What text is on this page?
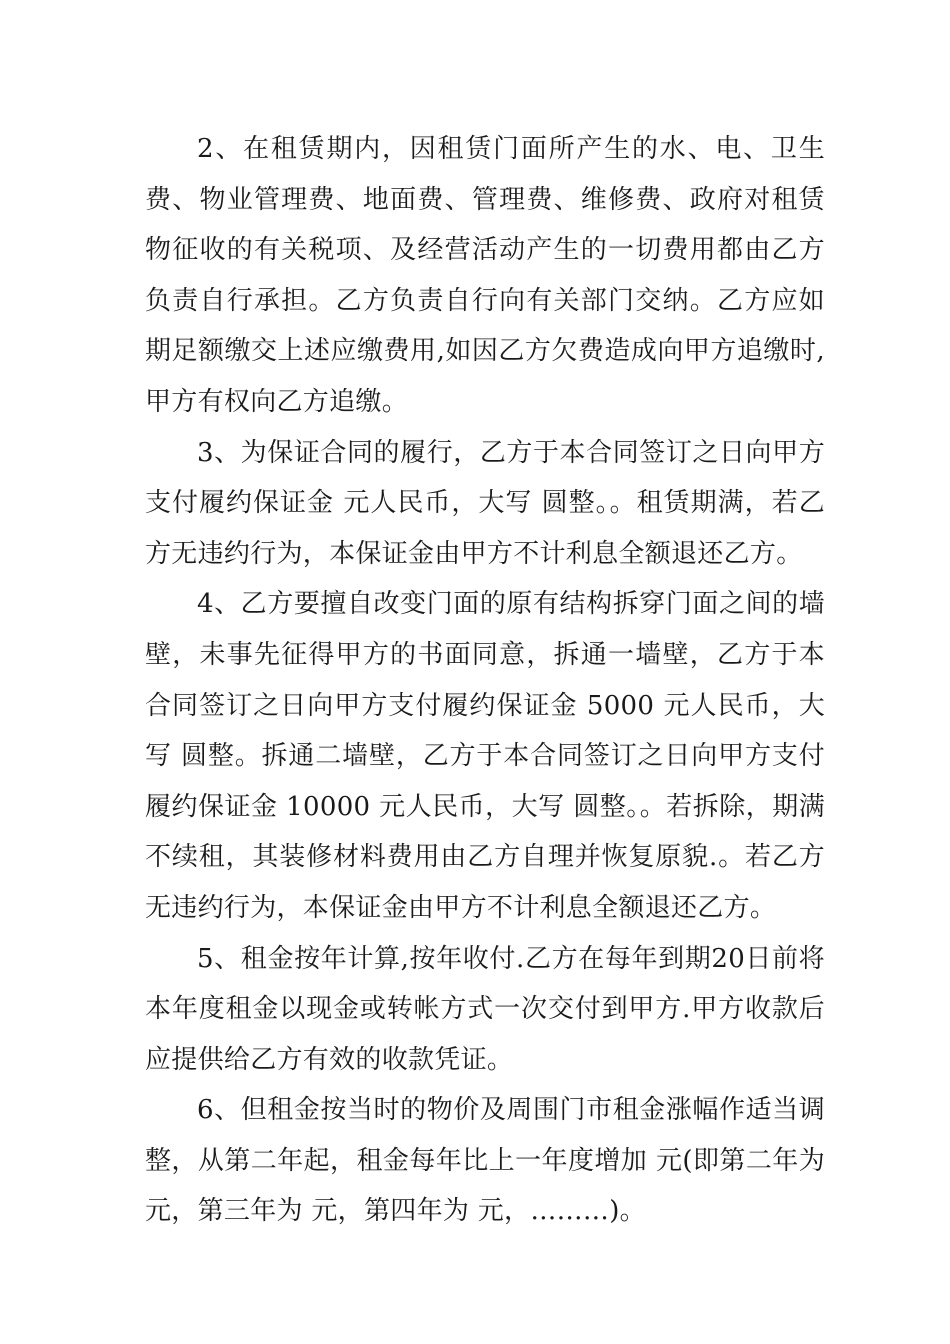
2、在租赁期内，因租赁门面所产生的水、电、卫生费、物业管理费、地面费、管理费、维修费、政府对租赁物征收的有关税项、及经营活动产生的一切费用都由乙方负责自行承担。乙方负责自行向有关部门交纳。乙方应如期足额缴交上述应缴费用,如因乙方欠费造成向甲方追缴时,甲方有权向乙方追缴。

3、为保证合同的履行，乙方于本合同签订之日向甲方支付履约保证金 元人民币，大写 圆整。。租赁期满，若乙方无违约行为，本保证金由甲方不计利息全额退还乙方。

4、乙方要擅自改变门面的原有结构拆穿门面之间的墙壁，未事先征得甲方的书面同意，拆通一墙壁，乙方于本合同签订之日向甲方支付履约保证金 5000 元人民币，大写 圆整。拆通二墙壁，乙方于本合同签订之日向甲方支付履约保证金 10000 元人民币，大写 圆整。。若拆除，期满不续租，其装修材料费用由乙方自理并恢复原貌.。若乙方无违约行为，本保证金由甲方不计利息全额退还乙方。

5、租金按年计算,按年收付.乙方在每年到期20日前将本年度租金以现金或转帐方式一次交付到甲方.甲方收款后应提供给乙方有效的收款凭证。

6、但租金按当时的物价及周围门市租金涨幅作适当调整，从第二年起，租金每年比上一年度增加 元(即第二年为 元，第三年为 元，第四年为 元，………)。
